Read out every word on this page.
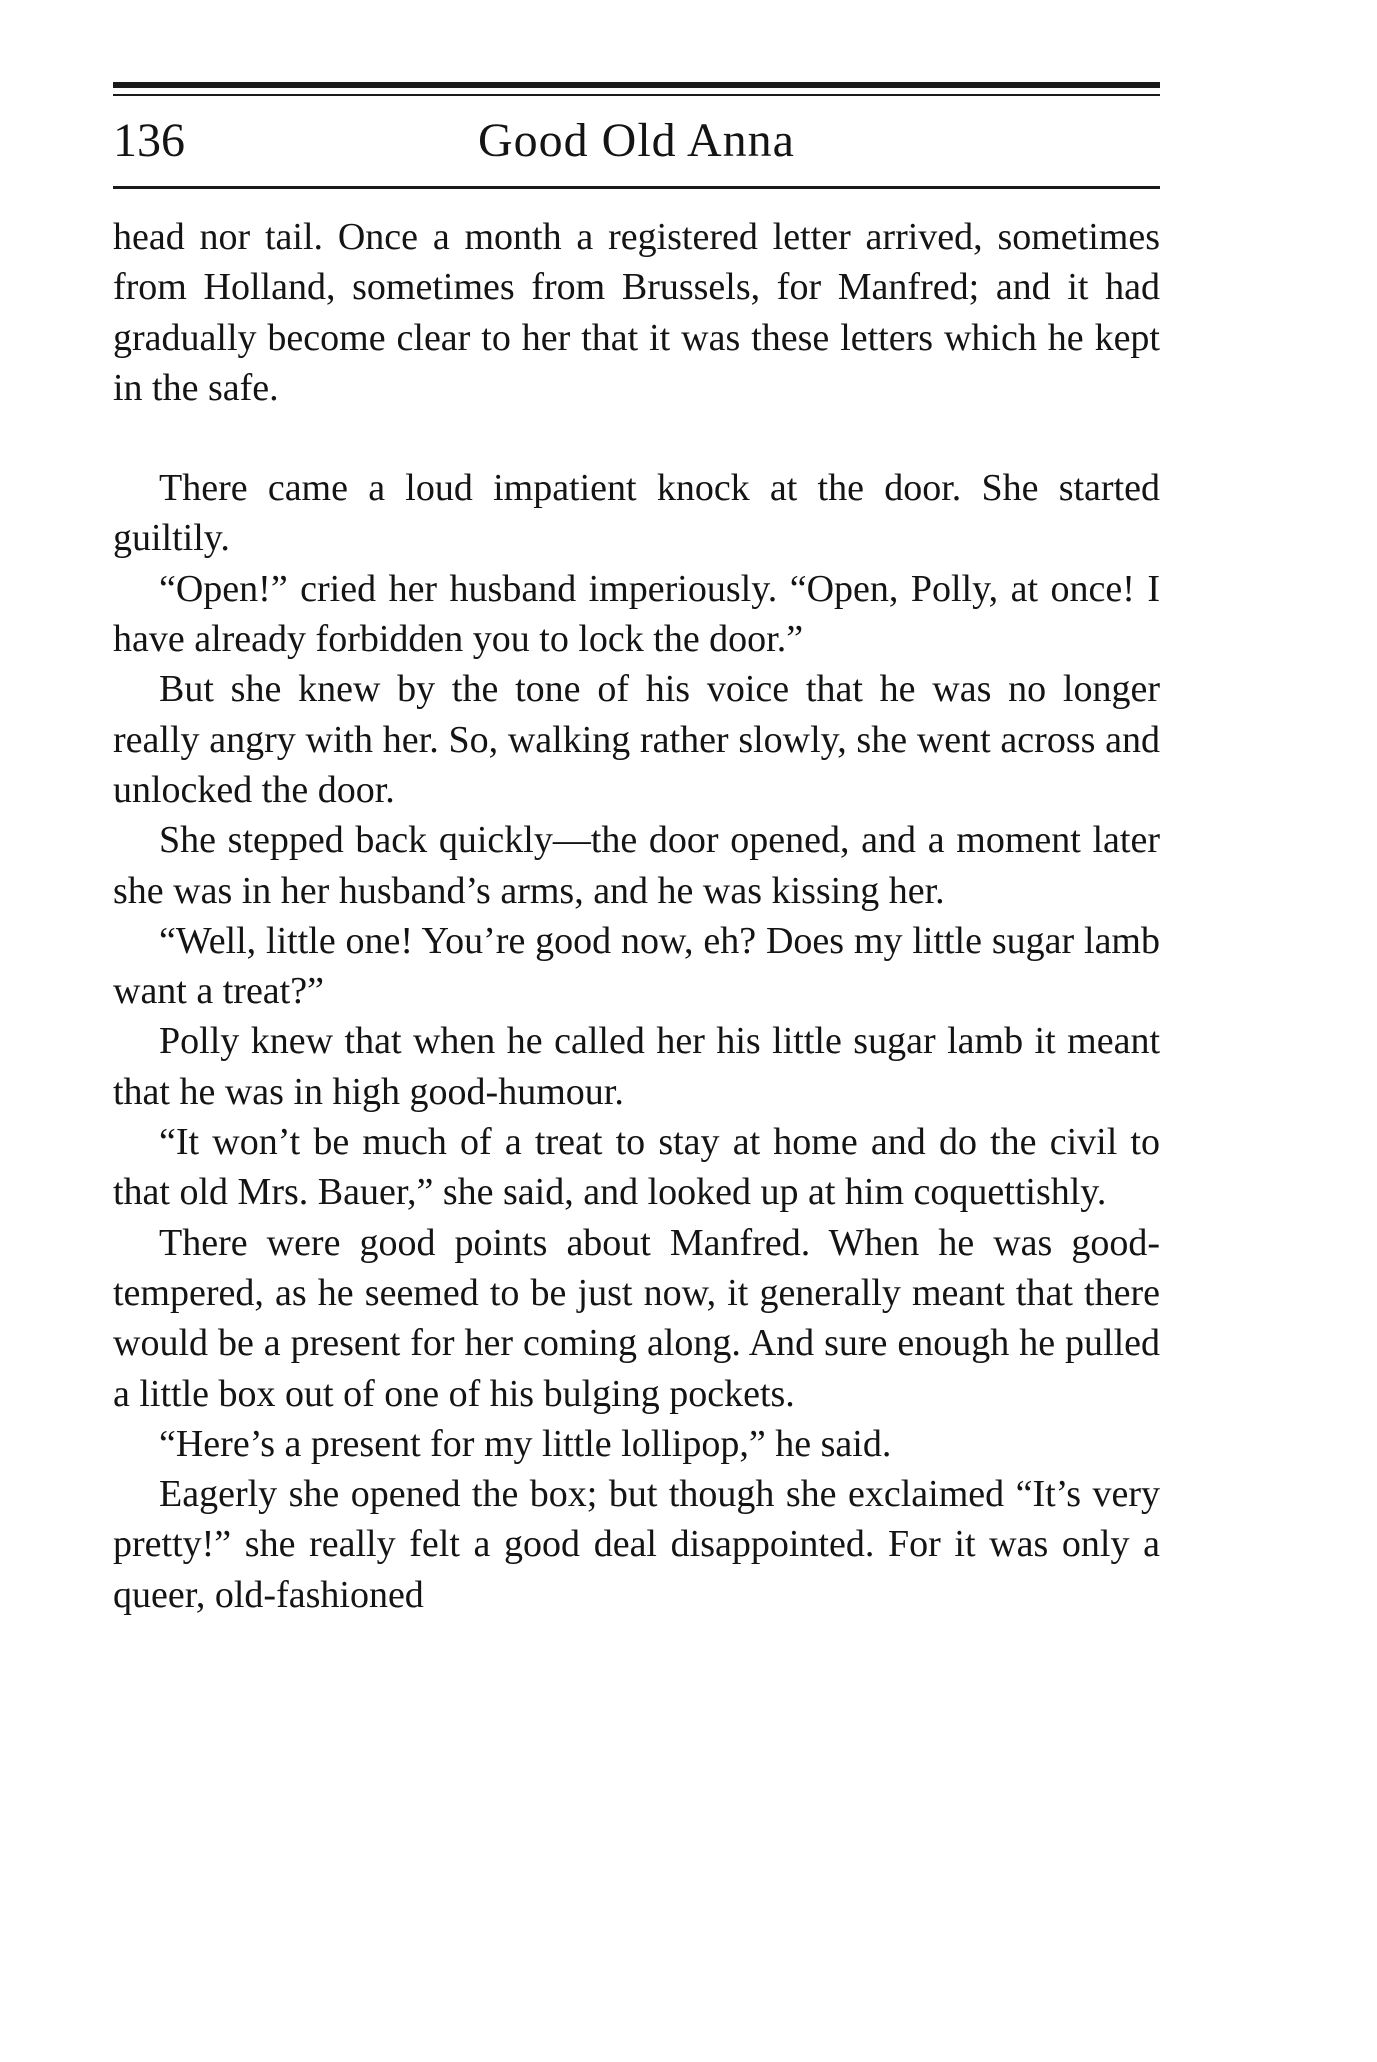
136	Good Old Anna

head nor tail. Once a month a registered letter arrived, sometimes from Holland, sometimes from Brussels, for Manfred; and it had gradually become clear to her that it was these letters which he kept in the safe.

There came a loud impatient knock at the door. She started guiltily.

“Open!” cried her husband imperiously. “Open, Polly, at once! I have already forbidden you to lock the door.”

But she knew by the tone of his voice that he was no longer really angry with her. So, walking rather slowly, she went across and unlocked the door.

She stepped back quickly—the door opened, and a moment later she was in her husband’s arms, and he was kissing her.

“Well, little one! You’re good now, eh? Does my little sugar lamb want a treat?”

Polly knew that when he called her his little sugar lamb it meant that he was in high good-humour.

“It won’t be much of a treat to stay at home and do the civil to that old Mrs. Bauer,” she said, and looked up at him coquettishly.

There were good points about Manfred. When he was good-tempered, as he seemed to be just now, it generally meant that there would be a present for her coming along. And sure enough he pulled a little box out of one of his bulging pockets.

“Here’s a present for my little lollipop,” he said.

Eagerly she opened the box; but though she exclaimed “It’s very pretty!” she really felt a good deal disappointed. For it was only a queer, old-fashioned
